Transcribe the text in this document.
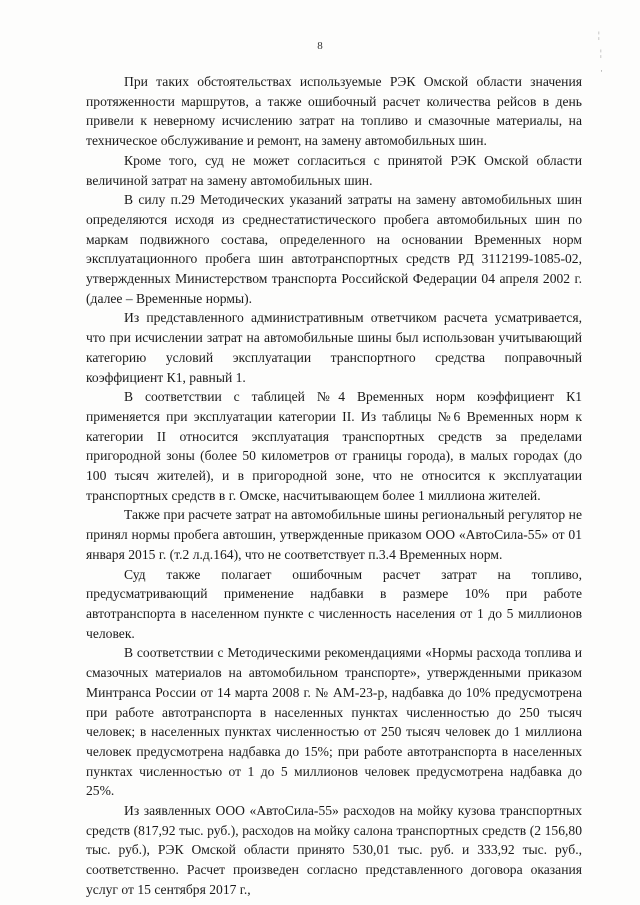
8
¦
¦
·

При таких обстоятельствах используемые РЭК Омской области значения протяженности маршрутов, а также ошибочный расчет количества рейсов в день привели к неверному исчислению затрат на топливо и смазочные материалы, на техническое обслуживание и ремонт, на замену автомобильных шин.

Кроме того, суд не может согласиться с принятой РЭК Омской области величиной затрат на замену автомобильных шин.

В силу п.29 Методических указаний затраты на замену автомобильных шин определяются исходя из среднестатистического пробега автомобильных шин по маркам подвижного состава, определенного на основании Временных норм эксплуатационного пробега шин автотранспортных средств РД 3112199-1085-02, утвержденных Министерством транспорта Российской Федерации 04 апреля 2002 г. (далее – Временные нормы).

Из представленного административным ответчиком расчета усматривается, что при исчислении затрат на автомобильные шины был использован учитывающий категорию условий эксплуатации транспортного средства поправочный коэффициент К1, равный 1.

В соответствии с таблицей №4 Временных норм коэффициент К1 применяется при эксплуатации категории II. Из таблицы №6 Временных норм к категории II относится эксплуатация транспортных средств за пределами пригородной зоны (более 50 километров от границы города), в малых городах (до 100 тысяч жителей), и в пригородной зоне, что не относится к эксплуатации транспортных средств в г. Омске, насчитывающем более 1 миллиона жителей.

Также при расчете затрат на автомобильные шины региональный регулятор не принял нормы пробега автошин, утвержденные приказом ООО «АвтоСила-55» от 01 января 2015 г. (т.2 л.д.164), что не соответствует п.3.4 Временных норм.

Суд также полагает ошибочным расчет затрат на топливо, предусматривающий применение надбавки в размере 10% при работе автотранспорта в населенном пункте с численность населения от 1 до 5 миллионов человек.

В соответствии с Методическими рекомендациями «Нормы расхода топлива и смазочных материалов на автомобильном транспорте», утвержденными приказом Минтранса России от 14 марта 2008 г. № АМ-23-р, надбавка до 10% предусмотрена при работе автотранспорта в населенных пунктах численностью до 250 тысяч человек; в населенных пунктах численностью от 250 тысяч человек до 1 миллиона человек предусмотрена надбавка до 15%; при работе автотранспорта в населенных пунктах численностью от 1 до 5 миллионов человек предусмотрена надбавка до 25%.

Из заявленных ООО «АвтоСила-55» расходов на мойку кузова транспортных средств (817,92 тыс. руб.), расходов на мойку салона транспортных средств (2 156,80 тыс. руб.), РЭК Омской области принято 530,01 тыс. руб. и 333,92 тыс. руб., соответственно. Расчет произведен согласно представленного договора оказания услуг от 15 сентября 2017 г.,
